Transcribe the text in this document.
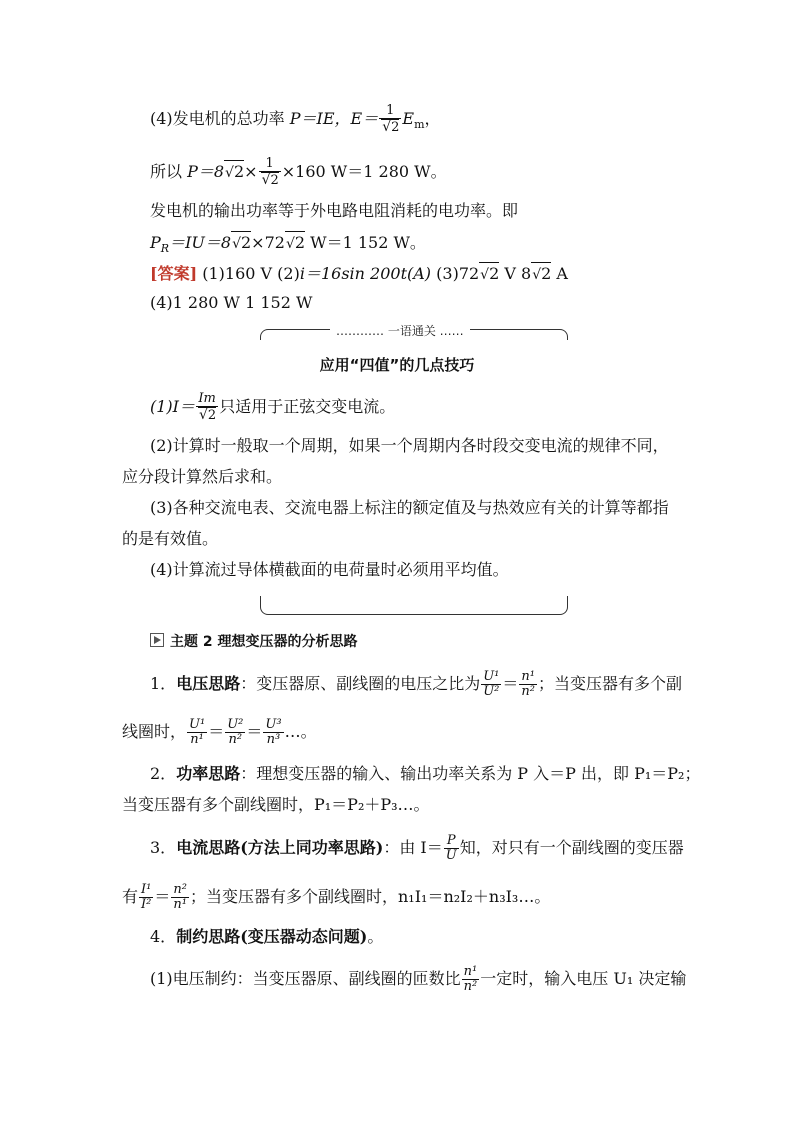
(4)发电机的总功率 P＝IE，E＝ 1
√ 2 $E_m$，
所以 P＝8√ 2× 1
√ 2 ×160 W＝1 280 W。
发电机的输出功率等于外电路电阻消耗的电功率。即
$P_R=IU=8√$ 2×72√ 2 W＝1 152 W。
[答案] (1)160 V (2)i＝16sin 200t(A) (3)72√ 2 V 8√ 2 A
(4)1 280 W 1 152 W
………… 一语通关 ……
应用“四值”的几点技巧
(1)I＝ Im
√ 2 只适用于正弦交变电流。
(2)计算时一般取一个周期，如果一个周期内各时段交变电流的规律不同，
应分段计算然后求和。
(3)各种交流电表、交流电器上标注的额定值及与热效应有关的计算等都指
的是有效值。
(4)计算流过导体横截面的电荷量时必须用平均值。
主题 2 理想变压器的分析思路
1．电压思路：变压器原、副线圈的电压之比为 $\frac{\text{U¹}}{\text{U²}} = \frac{\text{n¹}}{\text{n²}}$ ；当变压器有多个副
线圈时， $\frac{\text{U¹}}{\text{n¹}} = \frac{\text{U²}}{\text{n²}} = \frac{\text{U³}}{\text{n³}}$ …。
2．功率思路：理想变压器的输入、输出功率关系为 P 入＝P 出，即 P₁＝P₂；
当变压器有多个副线圈时，P₁＝P₂＋P₃…。
3．电流思路(方法上同功率思路)：由 $I= \frac{P}{U}$ 知，对只有一个副线圈的变压器
有 $\frac{\text{I¹}}{\text{I²}} = \frac{\text{n²}}{\text{n¹}}$ ；当变压器有多个副线圈时，n₁I₁＝n₂I₂＋n₃I₃…。
4．制约思路(变压器动态问题)。
(1)电压制约：当变压器原、副线圈的匝数比 $\frac{\text{n¹}}{\text{n²}}$ 一定时，输入电压 U₁ 决定输
